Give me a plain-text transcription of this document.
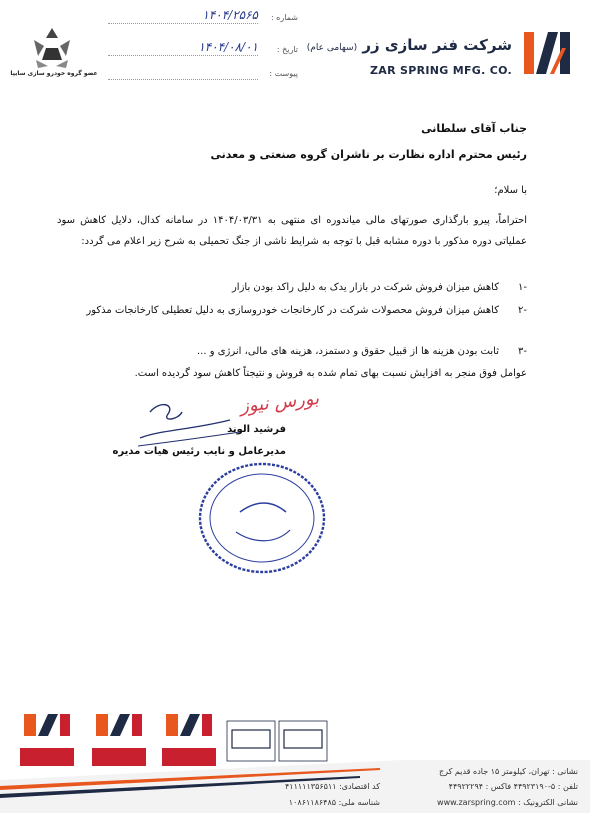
شرکت فنر سازی زر (سهامی عام)
ZAR SPRING MFG. CO.
عضو گروه خودرو سازی سایپا
شماره :
۱۴۰۴/۲۵۶۵
تاریخ :
۱۴۰۴/۰۸/۰۱
پیوست :
جناب آقای سلطانی
رئیس محترم اداره نظارت بر ناشران گروه صنعتی و معدنی
با سلام؛
احتراماً، پیرو بارگذاری صورتهای مالی میاندوره ای منتهی به ۱۴۰۴/۰۳/۳۱ در سامانه کدال، دلایل کاهش سود عملیاتی دوره مذکور با دوره مشابه قبل با توجه به شرایط ناشی از جنگ تحمیلی به شرح زیر اعلام می گردد:
-۱
کاهش میزان فروش شرکت در بازار یدک به دلیل راکد بودن بازار
-۲
کاهش میزان فروش محصولات شرکت در کارخانجات خودروسازی به دلیل تعطیلی کارخانجات مذکور
-۳
ثابت بودن هزینه ها از قبیل حقوق و دستمزد، هزینه های مالی، انرژی و ...
عوامل فوق منجر به افزایش نسبت بهای تمام شده به فروش و نتیجتاً کاهش سود گردیده است.
بورس نیوز
فرشید الوند
مدیرعامل و نایب رئیس هیات مدیره
نشانی : تهران، کیلومتر ۱۵ جاده قدیم کرج
تلفن : ۵-۴۴۹۲۳۱۹۰ فاکس : ۴۴۹۲۲۲۹۴
نشانی الکترونیک : www.zarspring.com
کد اقتصادی: ۴۱۱۱۱۱۳۵۶۵۱۱
شناسه ملی: ۱۰۸۶۱۱۸۶۴۸۵
